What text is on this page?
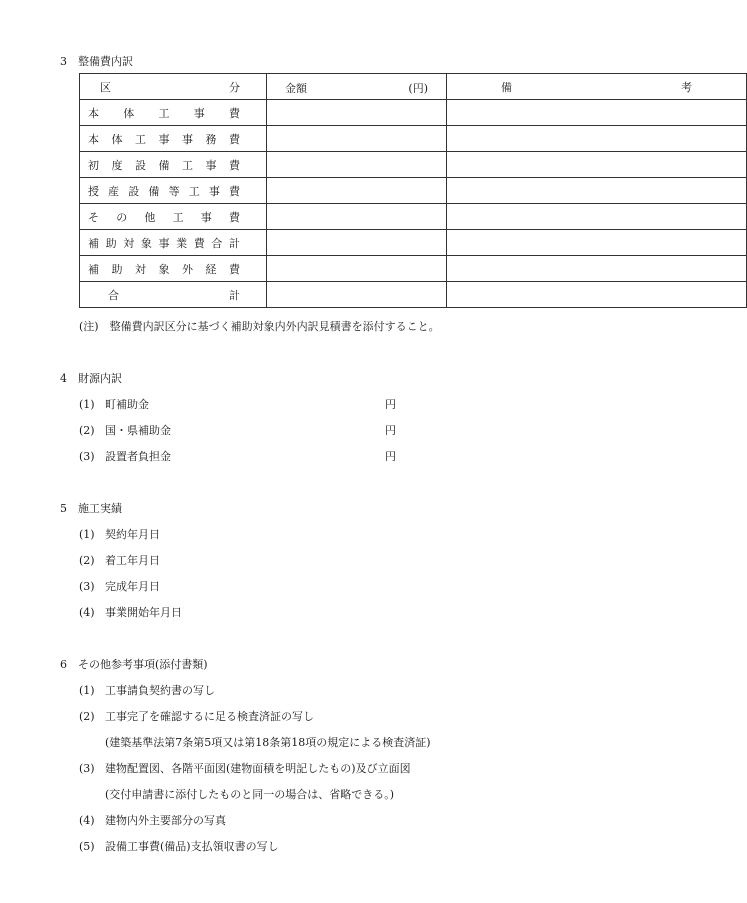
3 整備費内訳
区分	金額 (円)	備考
本体工事費		
本体工事事務費		
初度設備工事費		
授産設備等工事費		
その他工事費		
補助対象事業費合計		
補助対象外経費		
合計		
(注)　整備費内訳区分に基づく補助対象内外内訳見積書を添付すること。
4 財源内訳
(1) 町補助金	円
(2) 国・県補助金	円
(3) 設置者負担金	円
5 施工実績
(1) 契約年月日
(2) 着工年月日
(3) 完成年月日
(4) 事業開始年月日
6 その他参考事項(添付書類)
(1) 工事請負契約書の写し
(2) 工事完了を確認するに足る検査済証の写し
(建築基準法第7条第5項又は第18条第18項の規定による検査済証)
(3) 建物配置図、各階平面図(建物面積を明記したもの)及び立面図
(交付申請書に添付したものと同一の場合は、省略できる。)
(4) 建物内外主要部分の写真
(5) 設備工事費(備品)支払領収書の写し
